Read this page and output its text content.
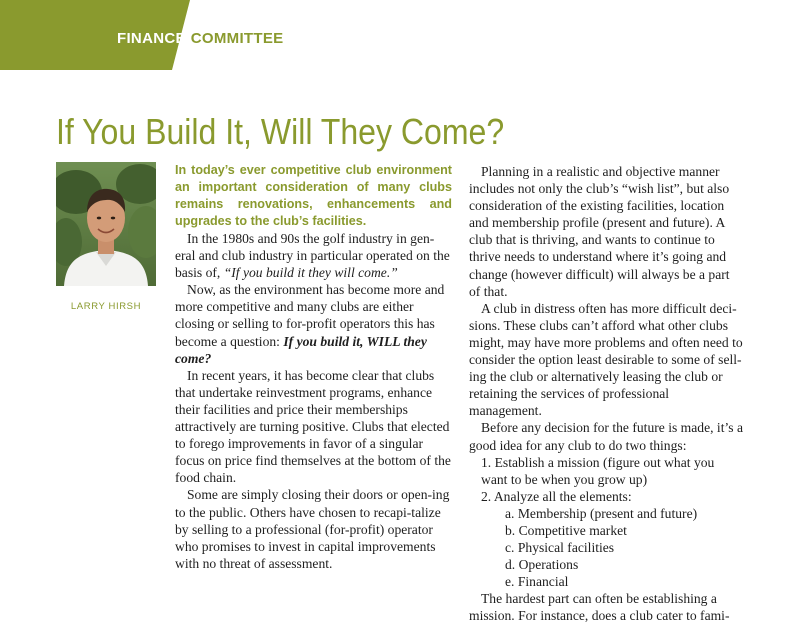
FINANCE COMMITTEE
If You Build It, Will They Come?
LARRY HIRSH

In today’s ever competitive club environment an important consideration of many clubs remains renovations, enhancements and upgrades to the club’s facilities.

In the 1980s and 90s the golf industry in gen-eral and club industry in particular operated on the basis of, “If you build it they will come.”

Now, as the environment has become more and more competitive and many clubs are either closing or selling to for-profit operators this has become a question: If you build it, WILL they come?

In recent years, it has become clear that clubs that undertake reinvestment programs, enhance their facilities and price their memberships attractively are turning positive. Clubs that elected to forego improvements in favor of a singular focus on price find themselves at the bottom of the food chain.

Some are simply closing their doors or open-ing to the public. Others have chosen to recapi-talize by selling to a professional (for-profit) operator who promises to invest in capital improvements with no threat of assessment.

Planning in a realistic and objective manner includes not only the club’s “wish list”, but also consideration of the existing facilities, location and membership profile (present and future). A club that is thriving, and wants to continue to thrive needs to understand where it’s going and change (however difficult) will always be a part of that.

A club in distress often has more difficult deci-sions. These clubs can’t afford what other clubs might, may have more problems and often need to consider the option least desirable to some of sell-ing the club or alternatively leasing the club or retaining the services of professional management.

Before any decision for the future is made, it’s a good idea for any club to do two things:

1. Establish a mission (figure out what you want to be when you grow up)

2. Analyze all the elements:

a. Membership (present and future)

b. Competitive market

c. Physical facilities

d. Operations

e. Financial

The hardest part can often be establishing a mission. For instance, does a club cater to fami-
